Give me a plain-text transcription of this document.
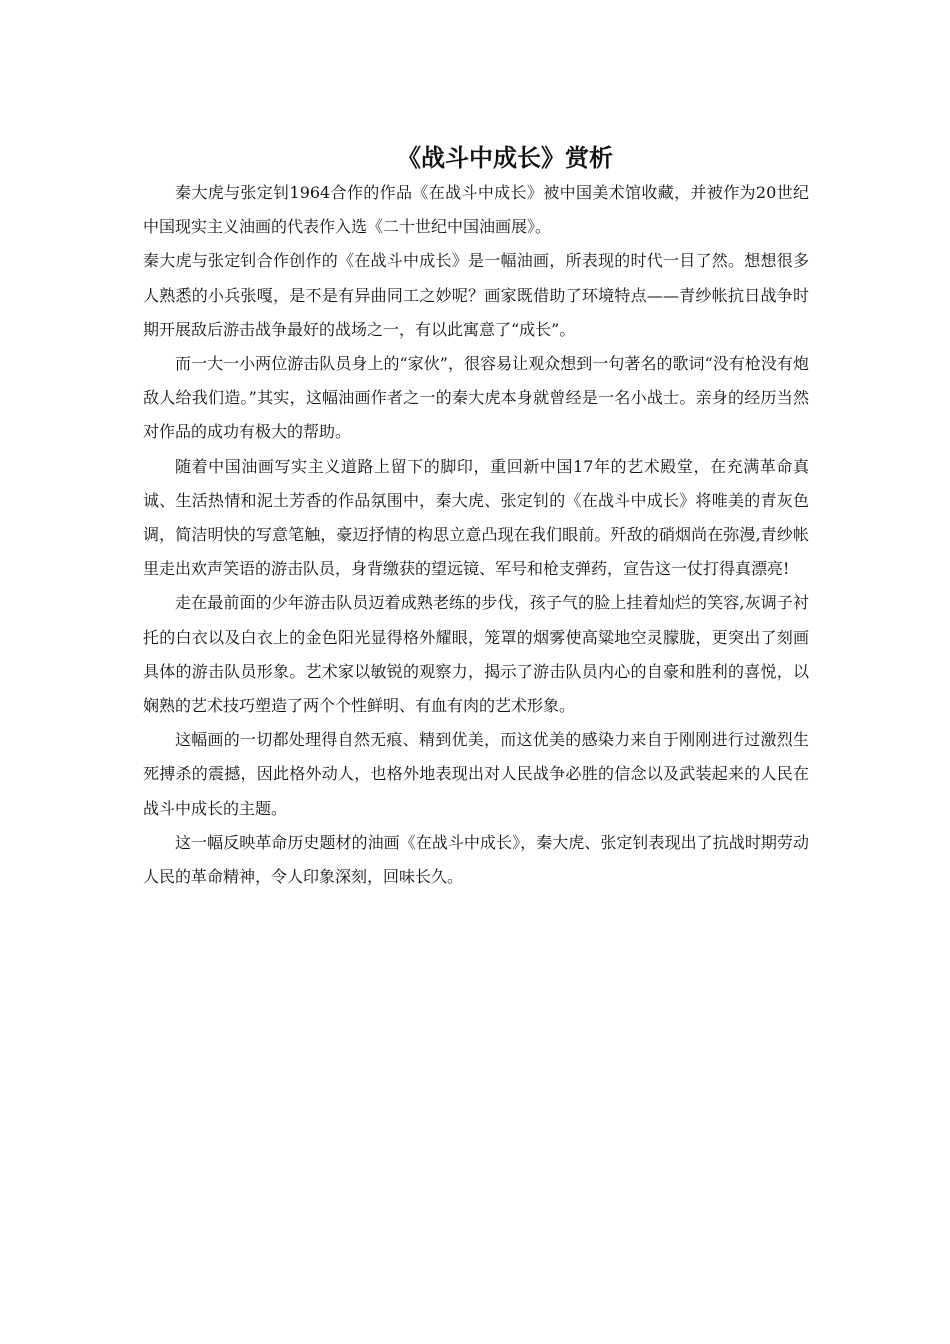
《战斗中成长》赏析

秦大虎与张定钊1964合作的作品《在战斗中成长》被中国美术馆收藏，并被作为20世纪中国现实主义油画的代表作入选《二十世纪中国油画展》。

秦大虎与张定钊合作创作的《在战斗中成长》是一幅油画，所表现的时代一目了然。想想很多人熟悉的小兵张嘎，是不是有异曲同工之妙呢？画家既借助了环境特点——青纱帐抗日战争时期开展敌后游击战争最好的战场之一，有以此寓意了“成长”。

而一大一小两位游击队员身上的“家伙”，很容易让观众想到一句著名的歌词“没有枪没有炮敌人给我们造。”其实，这幅油画作者之一的秦大虎本身就曾经是一名小战士。亲身的经历当然对作品的成功有极大的帮助。

随着中国油画写实主义道路上留下的脚印，重回新中国17年的艺术殿堂，在充满革命真诚、生活热情和泥土芳香的作品氛围中，秦大虎、张定钊的《在战斗中成长》将唯美的青灰色调，简洁明快的写意笔触，豪迈抒情的构思立意凸现在我们眼前。歼敌的硝烟尚在弥漫,青纱帐里走出欢声笑语的游击队员，身背缴获的望远镜、军号和枪支弹药，宣告这一仗打得真漂亮!

走在最前面的少年游击队员迈着成熟老练的步伐，孩子气的脸上挂着灿烂的笑容,灰调子衬托的白衣以及白衣上的金色阳光显得格外耀眼，笼罩的烟雾使高粱地空灵朦胧，更突出了刻画具体的游击队员形象。艺术家以敏锐的观察力，揭示了游击队员内心的自豪和胜利的喜悦，以娴熟的艺术技巧塑造了两个个性鲜明、有血有肉的艺术形象。

这幅画的一切都处理得自然无痕、精到优美，而这优美的感染力来自于刚刚进行过激烈生死搏杀的震撼，因此格外动人，也格外地表现出对人民战争必胜的信念以及武装起来的人民在战斗中成长的主题。

这一幅反映革命历史题材的油画《在战斗中成长》，秦大虎、张定钊表现出了抗战时期劳动人民的革命精神，令人印象深刻，回味长久。
